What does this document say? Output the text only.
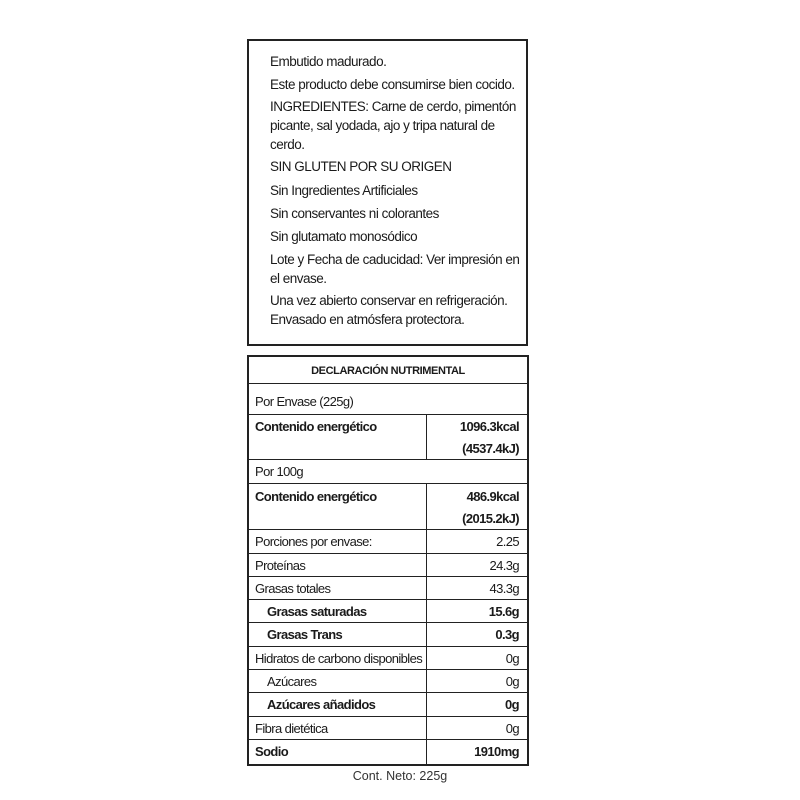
Embutido madurado.
Este producto debe consumirse bien cocido.
INGREDIENTES: Carne de cerdo, pimentón
picante, sal yodada, ajo y tripa natural de
cerdo.
SIN GLUTEN POR SU ORIGEN
Sin Ingredientes Artificiales
Sin conservantes ni colorantes
Sin glutamato monosódico
Lote y Fecha de caducidad: Ver impresión en
el envase.
Una vez abierto conservar en refrigeración.
Envasado en atmósfera protectora.
DECLARACIÓN NUTRIMENTAL
Por Envase (225g)
Contenido energético	1096.3kcal
(4537.4kJ)
Por 100g
Contenido energético	486.9kcal
(2015.2kJ)
Porciones por envase:	2.25
Proteínas	24.3g
Grasas totales	43.3g
Grasas saturadas	15.6g
Grasas Trans	0.3g
Hidratos de carbono disponibles	0g
Azúcares	0g
Azúcares añadidos	0g
Fibra dietética	0g
Sodio	1910mg
Cont. Neto: 225g
